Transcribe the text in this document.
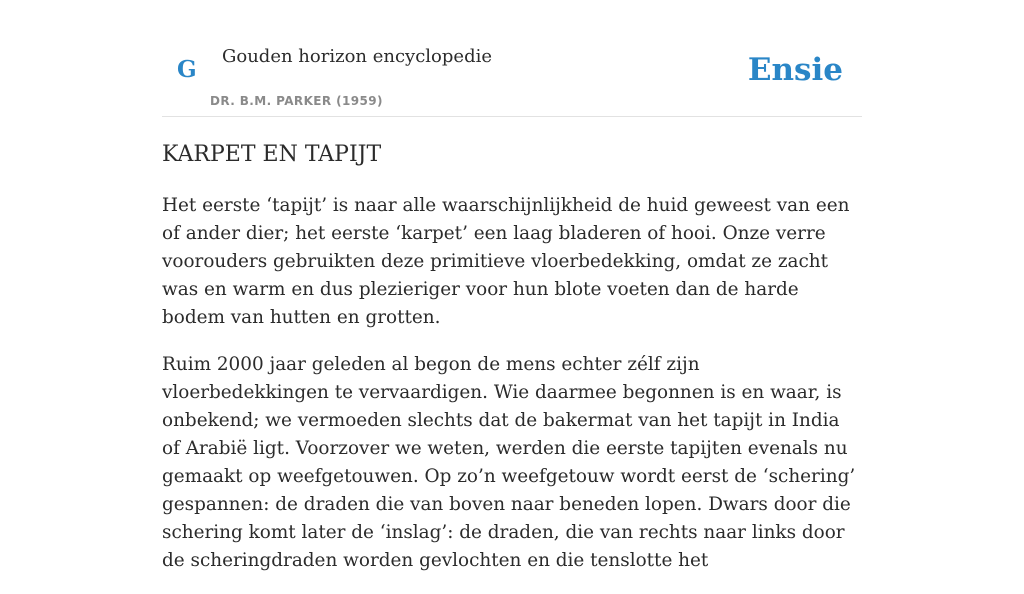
G Gouden horizon encyclopedie
DR. B.M. PARKER (1959)
Ensie
KARPET EN TAPIJT

Het eerste ‘tapijt’ is naar alle waarschijnlijkheid de huid geweest van een of ander dier; het eerste ‘karpet’ een laag bladeren of hooi. Onze verre voorouders gebruikten deze primitieve vloerbedekking, omdat ze zacht was en warm en dus plezieriger voor hun blote voeten dan de harde bodem van hutten en grotten.

Ruim 2000 jaar geleden al begon de mens echter zélf zijn vloerbedekkingen te vervaardigen. Wie daarmee begonnen is en waar, is onbekend; we vermoeden slechts dat de bakermat van het tapijt in India of Arabië ligt. Voorzover we weten, werden die eerste tapijten evenals nu gemaakt op weefgetouwen. Op zo’n weefgetouw wordt eerst de ‘schering’ gespannen: de draden die van boven naar beneden lopen. Dwars door die schering komt later de ‘inslag’: de draden, die van rechts naar links door de scheringdraden worden gevlochten en die tenslotte het
